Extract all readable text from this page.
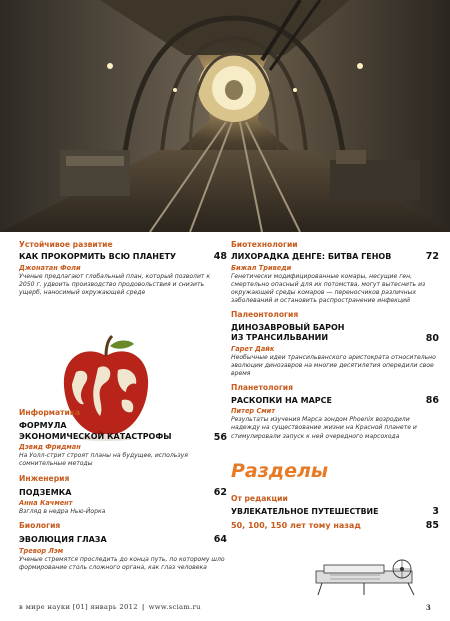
Устойчивое развитие
КАК ПРОКОРМИТЬ ВСЮ ПЛАНЕТУ	48
Джонатан Фоли
Ученые предлагают глобальный план, который позволит к 2050 г. удвоить производство продовольствия и снизить ущерб, наносимый окружающей среде
Информатика
ФОРМУЛА
ЭКОНОМИЧЕСКОЙ КАТАСТРОФЫ	56
Дэвид Фридман
На Уолл-стрит строят планы на будущее, используя сомнительные методы
Инженерия
ПОДЗЕМКА	62
Анна Качмент
Взгляд в недра Нью-Йорка
Биология
ЭВОЛЮЦИЯ ГЛАЗА	64
Тревор Лэм
Ученые стремятся проследить до конца путь, по которому шло формирование столь сложного органа, как глаз человека
Биотехнологии
ЛИХОРАДКА ДЕНГЕ: БИТВА ГЕНОВ	72
Бижал Триведи
Генетически модифицированные комары, несущие ген, смертельно опасный для их потомства, могут вытеснить из окружающей среды комаров — переносчиков различных заболеваний и остановить распространение инфекций
Палеонтология
ДИНОЗАВРОВЫЙ БАРОН
ИЗ ТРАНСИЛЬВАНИИ	80
Гарет Дайк
Необычные идеи трансильванского аристократа относительно эволюции динозавров на многие десятилетия опередили свое время
Планетология
РАСКОПКИ НА МАРСЕ	86
Питер Смит
Результаты изучения Марса зондом Phoenix возродили надежду на существование жизни на Красной планете и стимулировали запуск к ней очередного марсохода
Разделы
От редакции
УВЛЕКАТЕЛЬНОЕ ПУТЕШЕСТВИЕ	3
50, 100, 150 лет тому назад	85
в мире науки [01] январь 2012 | www.sciam.ru	3
